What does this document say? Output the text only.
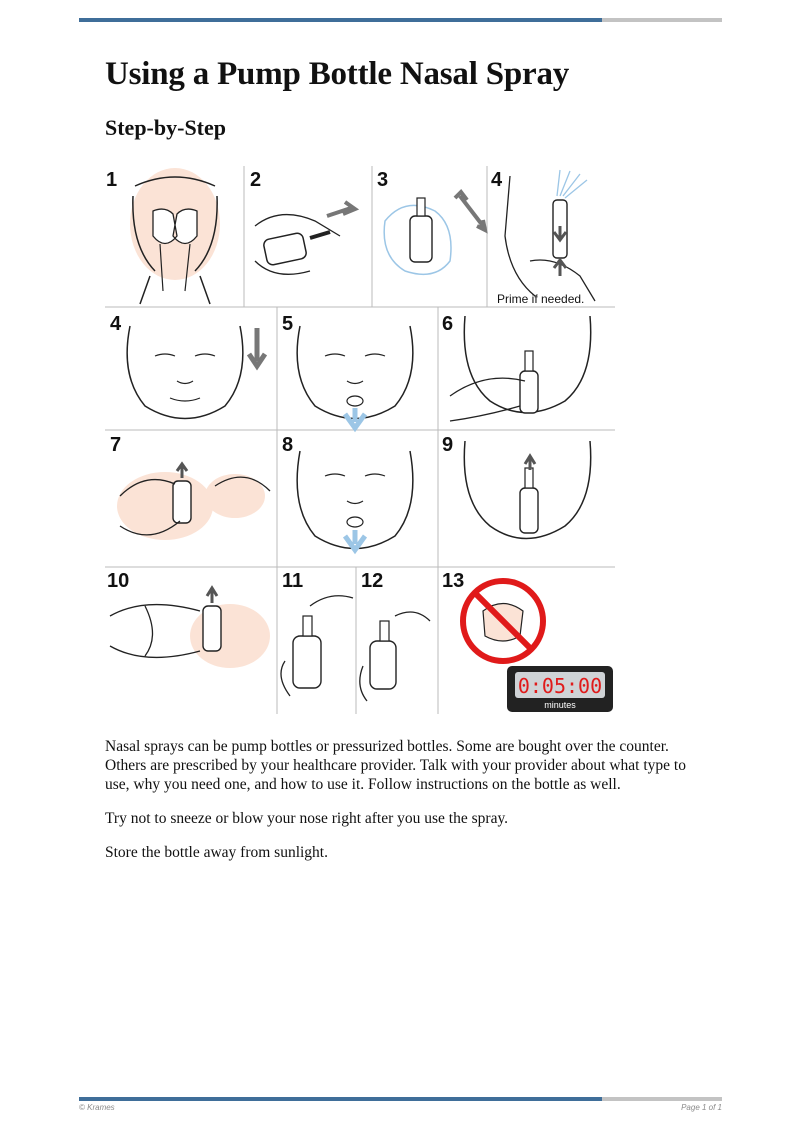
Using a Pump Bottle Nasal Spray
Step-by-Step
Prime if needed.
0:05:00
minutes
1	2	3	4
4	5	6
7	8	9
10	11	12	13

Nasal sprays can be pump bottles or pressurized bottles. Some are bought over the counter. Others are prescribed by your healthcare provider. Talk with your provider about what type to use, why you need one, and how to use it. Follow instructions on the bottle as well.

Try not to sneeze or blow your nose right after you use the spray.

Store the bottle away from sunlight.

© Krames	Page 1 of 1
